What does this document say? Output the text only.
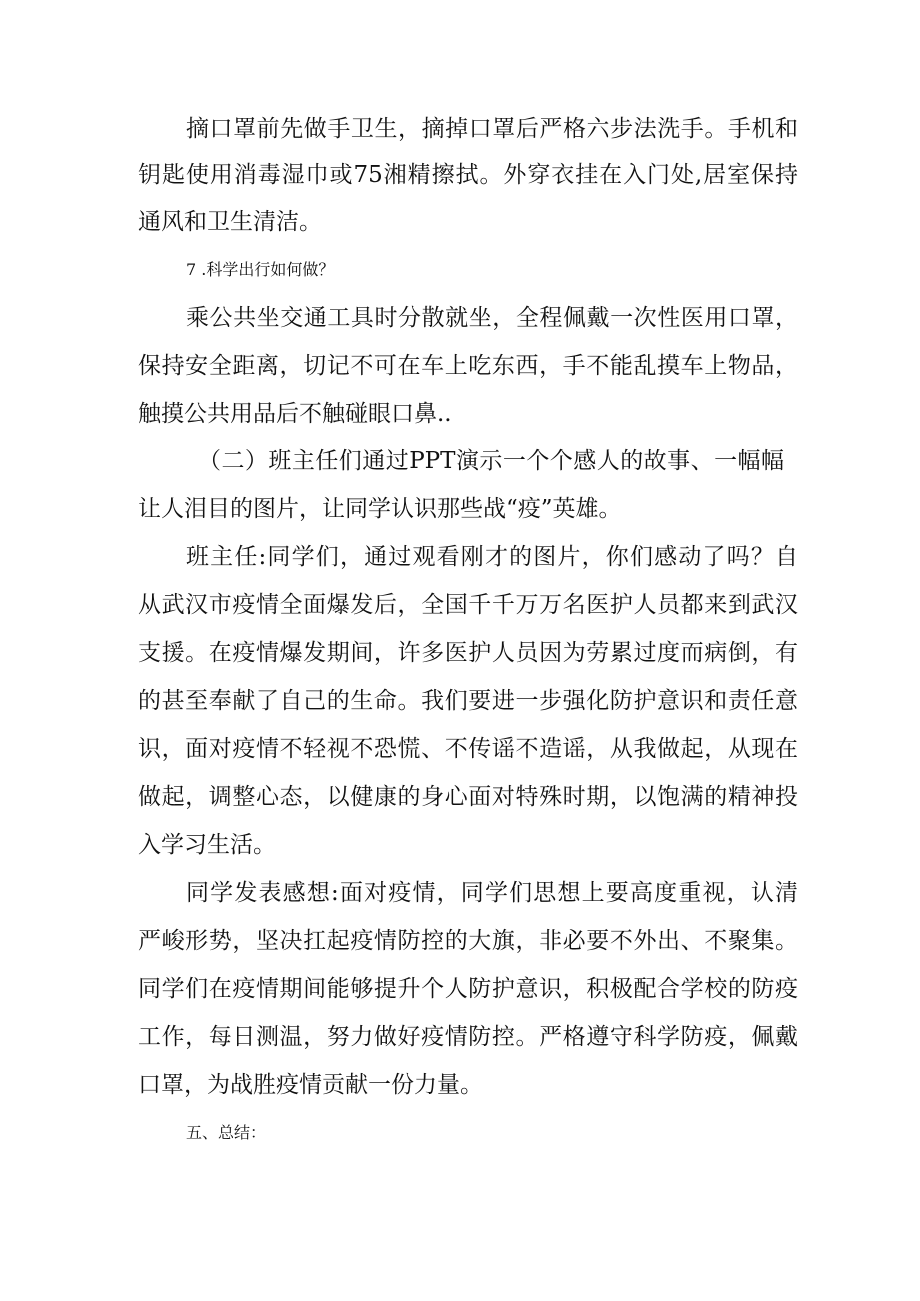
摘口罩前先做手卫生，摘掉口罩后严格六步法洗手。手机和
钥匙使用消毒湿巾或75湘精擦拭。外穿衣挂在入门处,居室保持
通风和卫生清洁。
7 .科学出行如何做？
乘公共坐交通工具时分散就坐，全程佩戴一次性医用口罩，
保持安全距离，切记不可在车上吃东西，手不能乱摸车上物品，
触摸公共用品后不触碰眼口鼻..
（二）班主任们通过PPT演示一个个感人的故事、一幅幅
让人泪目的图片，让同学认识那些战“疫”英雄。
班主任:同学们，通过观看刚才的图片，你们感动了吗？自
从武汉市疫情全面爆发后，全国千千万万名医护人员都来到武汉
支援。在疫情爆发期间，许多医护人员因为劳累过度而病倒，有
的甚至奉献了自己的生命。我们要进一步强化防护意识和责任意
识，面对疫情不轻视不恐慌、不传谣不造谣，从我做起，从现在
做起，调整心态，以健康的身心面对特殊时期，以饱满的精神投
入学习生活。
同学发表感想:面对疫情，同学们思想上要高度重视，认清
严峻形势，坚决扛起疫情防控的大旗，非必要不外出、不聚集。
同学们在疫情期间能够提升个人防护意识，积极配合学校的防疫
工作，每日测温，努力做好疫情防控。严格遵守科学防疫，佩戴
口罩，为战胜疫情贡献一份力量。
五、总结：
